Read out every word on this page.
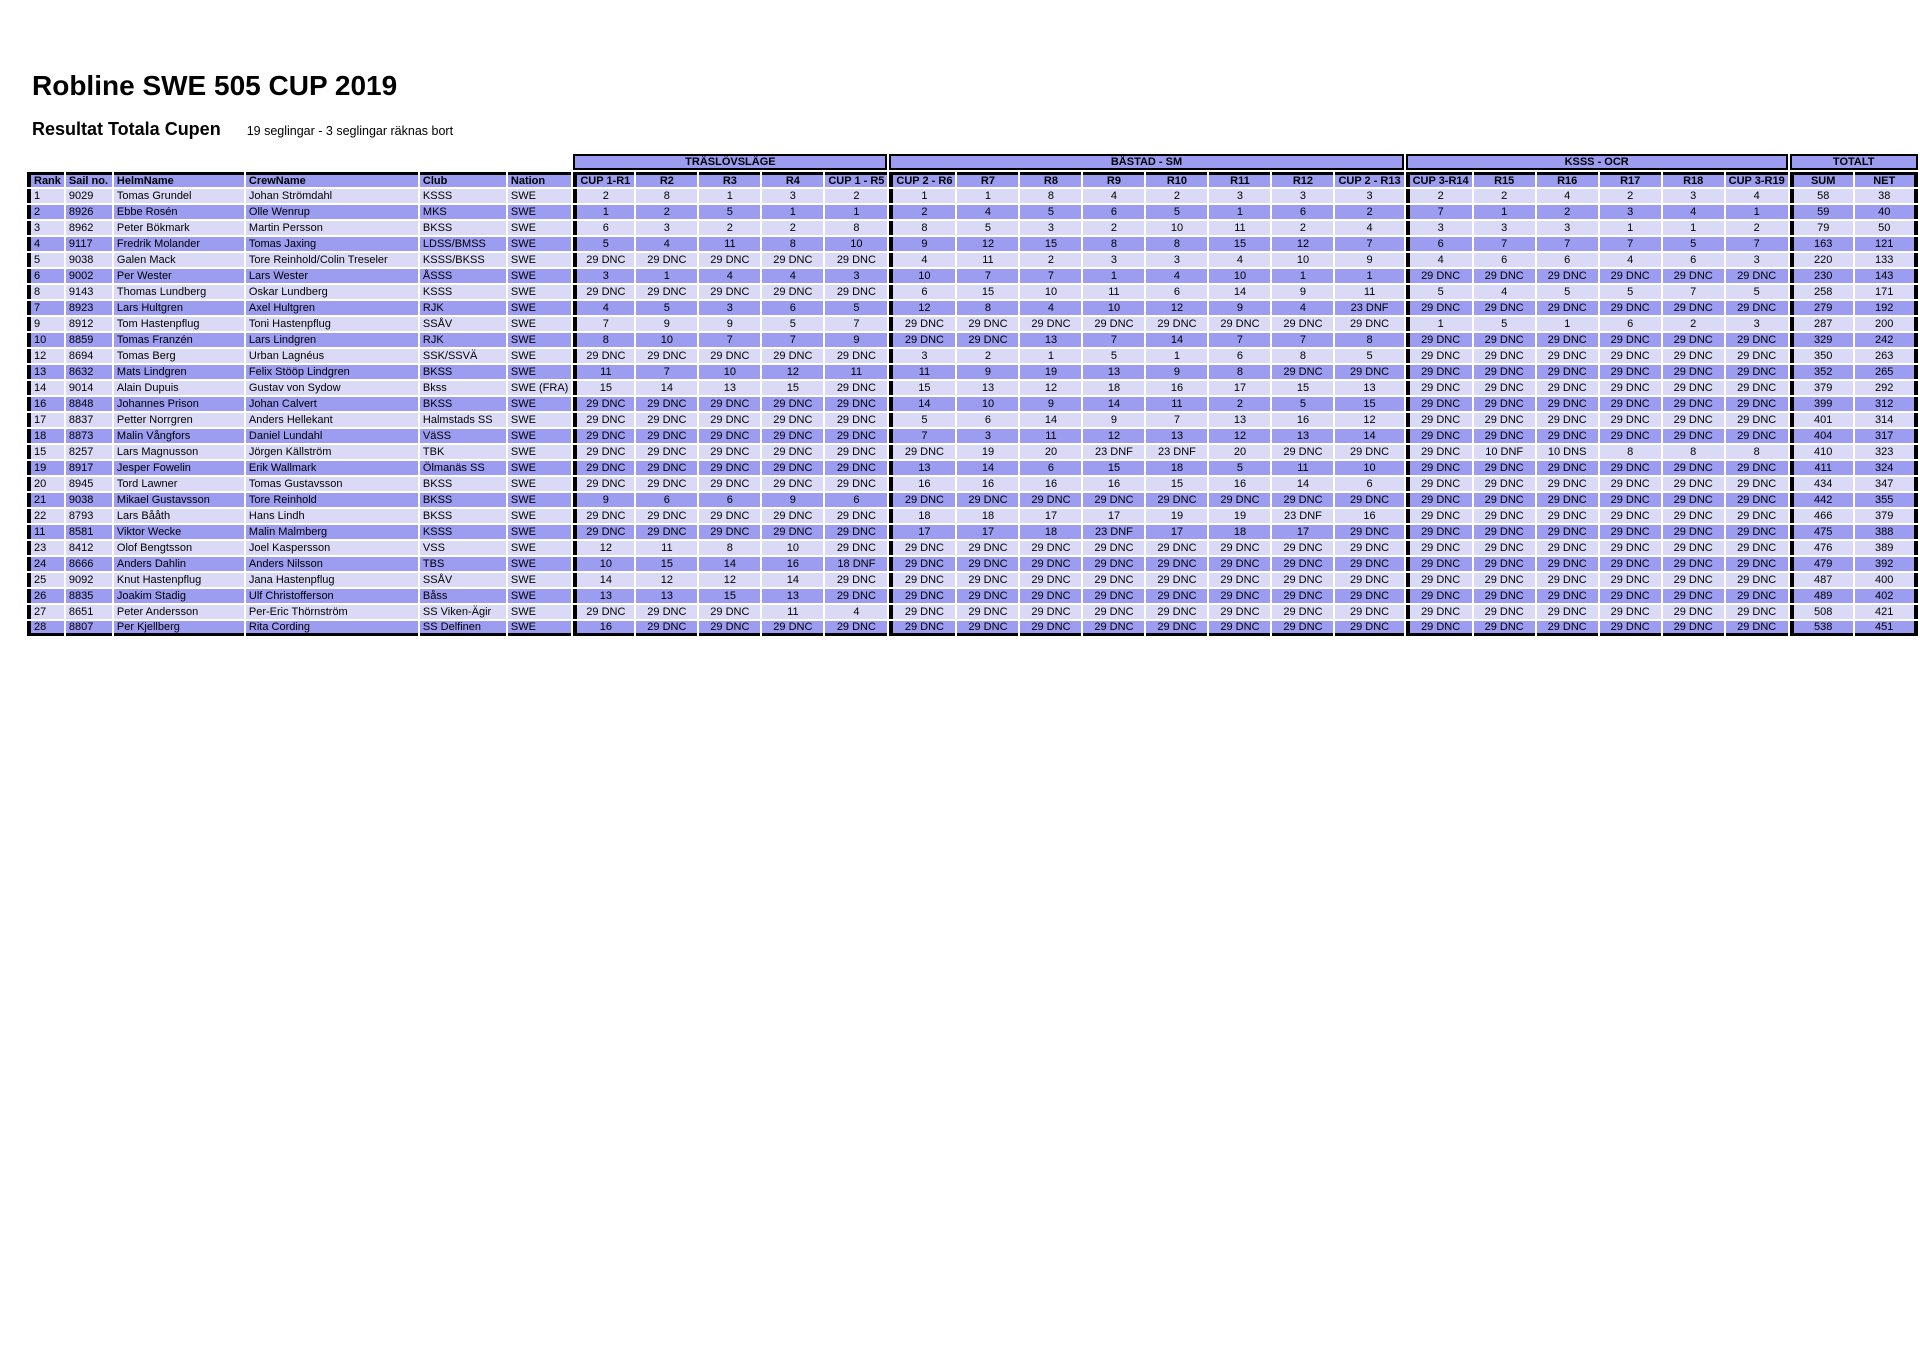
Robline SWE 505 CUP 2019
Resultat Totala Cupen 19 seglingar - 3 seglingar räknas bort
						TRÄSLÖVSLÄGE					BÅSTAD - SM								KSSS - OCR						TOTALT	
Rank	Sail no.	HelmName	CrewName	Club	Nation	CUP 1-R1	R2	R3	R4	CUP 1 - R5	CUP 2 - R6	R7	R8	R9	R10	R11	R12	CUP 2 - R13	CUP 3-R14	R15	R16	R17	R18	CUP 3-R19	SUM	NET
1	9029	Tomas Grundel	Johan Strömdahl	KSSS	SWE	2	8	1	3	2	1	1	8	4	2	3	3	3	2	2	4	2	3	4	58	38
2	8926	Ebbe Rosén	Olle Wenrup	MKS	SWE	1	2	5	1	1	2	4	5	6	5	1	6	2	7	1	2	3	4	1	59	40
3	8962	Peter Bökmark	Martin Persson	BKSS	SWE	6	3	2	2	8	8	5	3	2	10	11	2	4	3	3	3	1	1	2	79	50
4	9117	Fredrik Molander	Tomas Jaxing	LDSS/BMSS	SWE	5	4	11	8	10	9	12	15	8	8	15	12	7	6	7	7	7	5	7	163	121
5	9038	Galen Mack	Tore Reinhold/Colin Treseler	KSSS/BKSS	SWE	29 DNC	29 DNC	29 DNC	29 DNC	29 DNC	4	11	2	3	3	4	10	9	4	6	6	4	6	3	220	133
6	9002	Per Wester	Lars Wester	ÅSSS	SWE	3	1	4	4	3	10	7	7	1	4	10	1	1	29 DNC	29 DNC	29 DNC	29 DNC	29 DNC	29 DNC	230	143
8	9143	Thomas Lundberg	Oskar Lundberg	KSSS	SWE	29 DNC	29 DNC	29 DNC	29 DNC	29 DNC	6	15	10	11	6	14	9	11	5	4	5	5	7	5	258	171
7	8923	Lars Hultgren	Axel Hultgren	RJK	SWE	4	5	3	6	5	12	8	4	10	12	9	4	23 DNF	29 DNC	29 DNC	29 DNC	29 DNC	29 DNC	29 DNC	279	192
9	8912	Tom Hastenpflug	Toni Hastenpflug	SSÅV	SWE	7	9	9	5	7	29 DNC	29 DNC	29 DNC	29 DNC	29 DNC	29 DNC	29 DNC	29 DNC	1	5	1	6	2	3	287	200
10	8859	Tomas Franzén	Lars Lindgren	RJK	SWE	8	10	7	7	9	29 DNC	29 DNC	13	7	14	7	7	8	29 DNC	29 DNC	29 DNC	29 DNC	29 DNC	29 DNC	329	242
12	8694	Tomas Berg	Urban Lagnéus	SSK/SSVÄ	SWE	29 DNC	29 DNC	29 DNC	29 DNC	29 DNC	3	2	1	5	1	6	8	5	29 DNC	29 DNC	29 DNC	29 DNC	29 DNC	29 DNC	350	263
13	8632	Mats Lindgren	Felix Stööp Lindgren	BKSS	SWE	11	7	10	12	11	11	9	19	13	9	8	29 DNC	29 DNC	29 DNC	29 DNC	29 DNC	29 DNC	29 DNC	29 DNC	352	265
14	9014	Alain Dupuis	Gustav von Sydow	Bkss	SWE (FRA)	15	14	13	15	29 DNC	15	13	12	18	16	17	15	13	29 DNC	29 DNC	29 DNC	29 DNC	29 DNC	29 DNC	379	292
16	8848	Johannes Prison	Johan Calvert	BKSS	SWE	29 DNC	29 DNC	29 DNC	29 DNC	29 DNC	14	10	9	14	11	2	5	15	29 DNC	29 DNC	29 DNC	29 DNC	29 DNC	29 DNC	399	312
17	8837	Petter Norrgren	Anders Hellekant	Halmstads SS	SWE	29 DNC	29 DNC	29 DNC	29 DNC	29 DNC	5	6	14	9	7	13	16	12	29 DNC	29 DNC	29 DNC	29 DNC	29 DNC	29 DNC	401	314
18	8873	Malin Vångfors	Daniel Lundahl	VäSS	SWE	29 DNC	29 DNC	29 DNC	29 DNC	29 DNC	7	3	11	12	13	12	13	14	29 DNC	29 DNC	29 DNC	29 DNC	29 DNC	29 DNC	404	317
15	8257	Lars Magnusson	Jörgen Källström	TBK	SWE	29 DNC	29 DNC	29 DNC	29 DNC	29 DNC	29 DNC	19	20	23 DNF	23 DNF	20	29 DNC	29 DNC	29 DNC	10 DNF	10 DNS	8	8	8	410	323
19	8917	Jesper Fowelin	Erik Wallmark	Ölmanäs SS	SWE	29 DNC	29 DNC	29 DNC	29 DNC	29 DNC	13	14	6	15	18	5	11	10	29 DNC	29 DNC	29 DNC	29 DNC	29 DNC	29 DNC	411	324
20	8945	Tord Lawner	Tomas Gustavsson	BKSS	SWE	29 DNC	29 DNC	29 DNC	29 DNC	29 DNC	16	16	16	16	15	16	14	6	29 DNC	29 DNC	29 DNC	29 DNC	29 DNC	29 DNC	434	347
21	9038	Mikael Gustavsson	Tore Reinhold	BKSS	SWE	9	6	6	9	6	29 DNC	29 DNC	29 DNC	29 DNC	29 DNC	29 DNC	29 DNC	29 DNC	29 DNC	29 DNC	29 DNC	29 DNC	29 DNC	29 DNC	442	355
22	8793	Lars Bååth	Hans Lindh	BKSS	SWE	29 DNC	29 DNC	29 DNC	29 DNC	29 DNC	18	18	17	17	19	19	23 DNF	16	29 DNC	29 DNC	29 DNC	29 DNC	29 DNC	29 DNC	466	379
11	8581	Viktor Wecke	Malin Malmberg	KSSS	SWE	29 DNC	29 DNC	29 DNC	29 DNC	29 DNC	17	17	18	23 DNF	17	18	17	29 DNC	29 DNC	29 DNC	29 DNC	29 DNC	29 DNC	29 DNC	475	388
23	8412	Olof Bengtsson	Joel Kaspersson	VSS	SWE	12	11	8	10	29 DNC	29 DNC	29 DNC	29 DNC	29 DNC	29 DNC	29 DNC	29 DNC	29 DNC	29 DNC	29 DNC	29 DNC	29 DNC	29 DNC	29 DNC	476	389
24	8666	Anders Dahlin	Anders Nilsson	TBS	SWE	10	15	14	16	18 DNF	29 DNC	29 DNC	29 DNC	29 DNC	29 DNC	29 DNC	29 DNC	29 DNC	29 DNC	29 DNC	29 DNC	29 DNC	29 DNC	29 DNC	479	392
25	9092	Knut Hastenpflug	Jana Hastenpflug	SSÅV	SWE	14	12	12	14	29 DNC	29 DNC	29 DNC	29 DNC	29 DNC	29 DNC	29 DNC	29 DNC	29 DNC	29 DNC	29 DNC	29 DNC	29 DNC	29 DNC	29 DNC	487	400
26	8835	Joakim Stadig	Ulf Christofferson	Båss	SWE	13	13	15	13	29 DNC	29 DNC	29 DNC	29 DNC	29 DNC	29 DNC	29 DNC	29 DNC	29 DNC	29 DNC	29 DNC	29 DNC	29 DNC	29 DNC	29 DNC	489	402
27	8651	Peter Andersson	Per-Eric Thörnström	SS Viken-Ägir	SWE	29 DNC	29 DNC	29 DNC	11	4	29 DNC	29 DNC	29 DNC	29 DNC	29 DNC	29 DNC	29 DNC	29 DNC	29 DNC	29 DNC	29 DNC	29 DNC	29 DNC	29 DNC	508	421
28	8807	Per Kjellberg	Rita Cording	SS Delfinen	SWE	16	29 DNC	29 DNC	29 DNC	29 DNC	29 DNC	29 DNC	29 DNC	29 DNC	29 DNC	29 DNC	29 DNC	29 DNC	29 DNC	29 DNC	29 DNC	29 DNC	29 DNC	29 DNC	538	451
